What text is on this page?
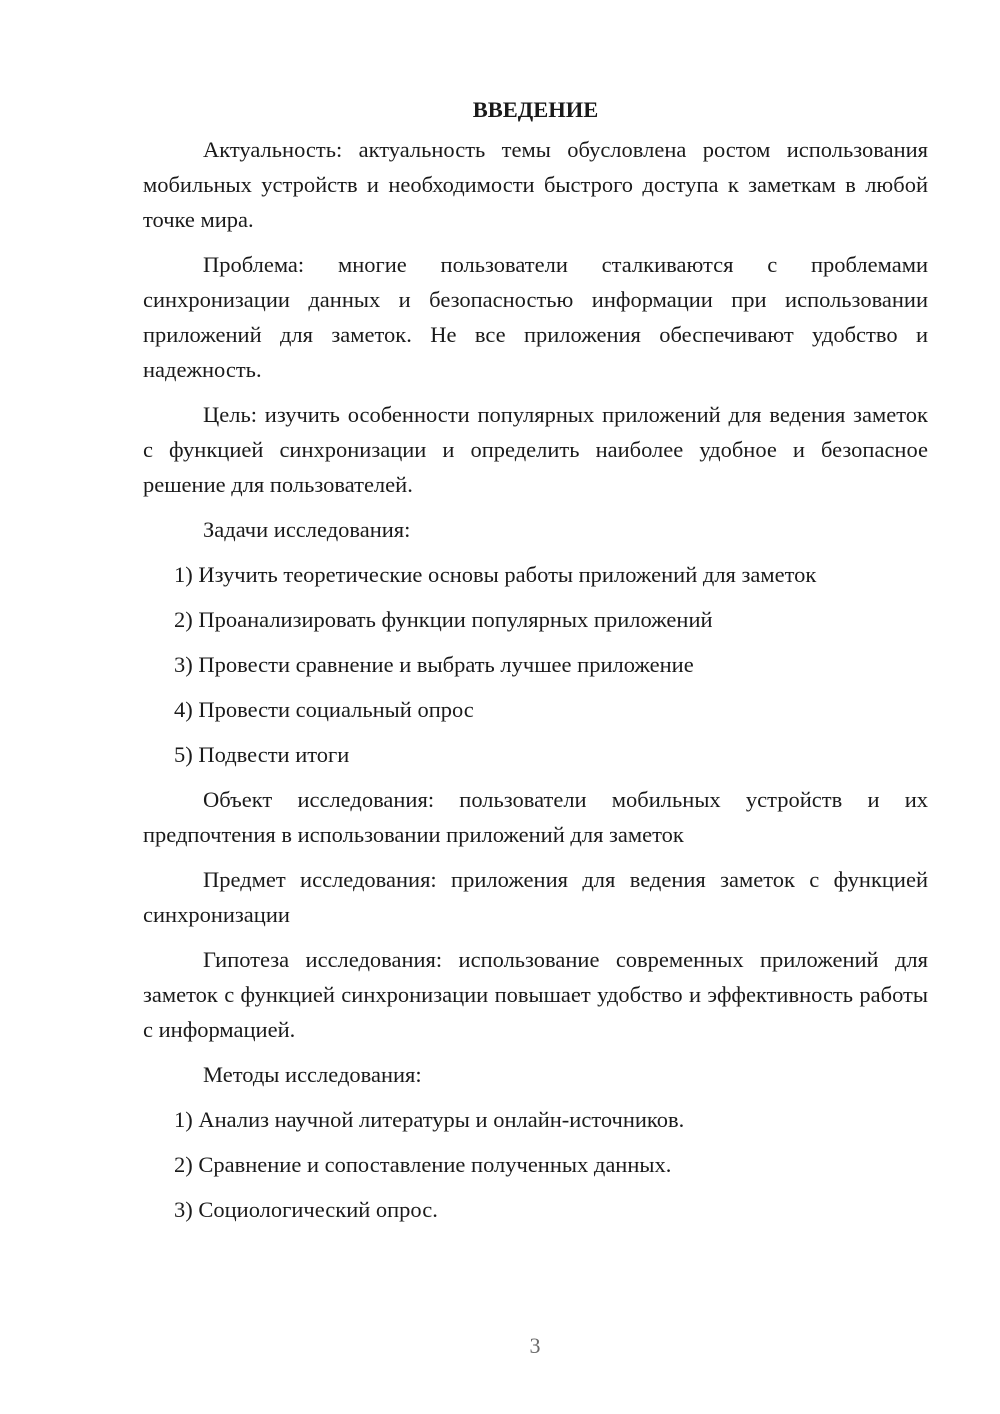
ВВЕДЕНИЕ

Актуальность: актуальность темы обусловлена ростом использования мобильных устройств и необходимости быстрого доступа к заметкам в любой точке мира.

Проблема: многие пользователи сталкиваются с проблемами синхронизации данных и безопасностью информации при использовании приложений для заметок. Не все приложения обеспечивают удобство и надежность.

Цель: изучить особенности популярных приложений для ведения заметок с функцией синхронизации и определить наиболее удобное и безопасное решение для пользователей.

Задачи исследования:

1) Изучить теоретические основы работы приложений для заметок
2) Проанализировать функции популярных приложений
3) Провести сравнение и выбрать лучшее приложение
4) Провести социальный опрос
5) Подвести итоги

Объект исследования: пользователи мобильных устройств и их предпочтения в использовании приложений для заметок

Предмет исследования: приложения для ведения заметок с функцией синхронизации

Гипотеза исследования: использование современных приложений для заметок с функцией синхронизации повышает удобство и эффективность работы с информацией.

Методы исследования:

1) Анализ научной литературы и онлайн-источников.
2) Сравнение и сопоставление полученных данных.
3) Социологический опрос.
3
